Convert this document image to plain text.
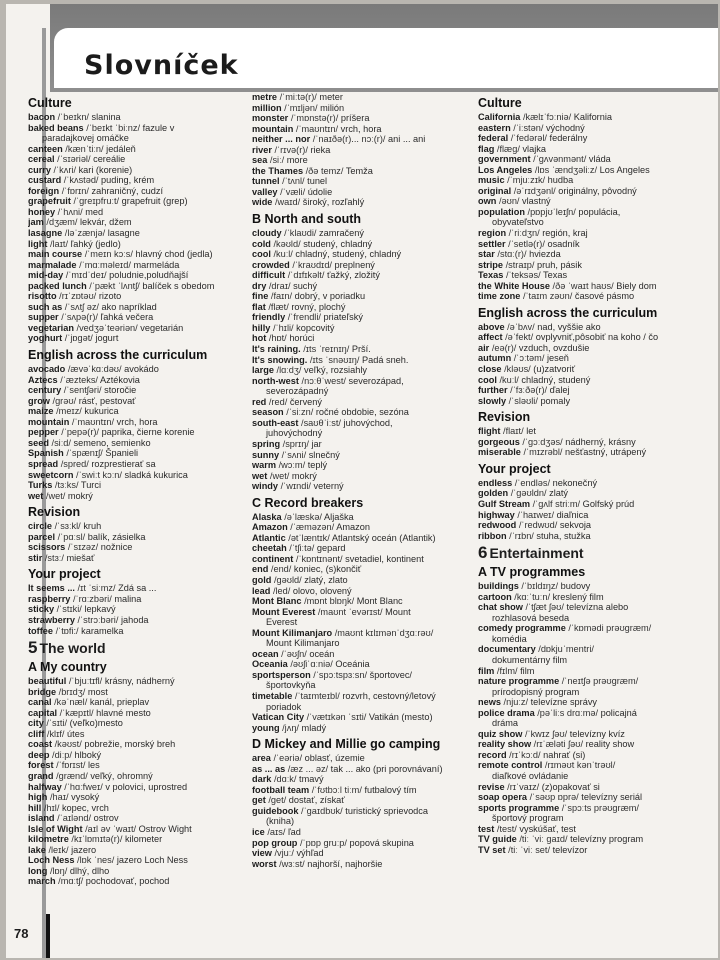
Slovníček
Culture
bacon /ˈbeɪkn/ slanina
baked beans /ˈbeɪkt ˈbiːnz/ fazule v
paradajkovej omáčke
canteen /kænˈtiːn/ jedáleň
cereal /ˈsɪəriəl/ cereálie
curry /ˈkʌri/ kari (korenie)
custard /ˈkʌstəd/ puding, krém
foreign /ˈfɒrɪn/ zahraničný, cudzí
grapefruit /ˈɡreɪpfruːt/ grapefruit (grep)
honey /ˈhʌni/ med
jam /dʒæm/ lekvár, džem
lasagne /ləˈzænjə/ lasagne
light /laɪt/ ľahký (jedlo)
main course /ˈmeɪn kɔːs/ hlavný chod (jedla)
marmalade /ˈmɑːməleɪd/ marmeláda
mid-day /ˈmɪdˈdeɪ/ poludnie,poludňajší
packed lunch /ˈpækt ˈlʌntʃ/ balíček s obedom
risotto /rɪˈzɒtəʊ/ rizoto
such as /ˈsʌtʃ əz/ ako napríklad
supper /ˈsʌpə(r)/ ľahká večera
vegetarian /vedʒəˈteəriən/ vegetarián
yoghurt /ˈjɒɡət/ jogurt
English across the curriculum
avocado /ævəˈkɑːdəʊ/ avokádo
Aztecs /ˈæzteks/ Aztékovia
century /ˈsentʃəri/ storočie
grow /ɡrəʊ/ rásť, pestovať
maize /meɪz/ kukurica
mountain /ˈmaʊntɪn/ vrch, hora
pepper /ˈpepə(r)/ paprika, čierne korenie
seed /siːd/ semeno, semienko
Spanish /ˈspænɪʃ/ Španieli
spread /spred/ rozprestierať sa
sweetcorn /ˈswiːt kɔːn/ sladká kukurica
Turks /tɜːks/ Turci
wet /wet/ mokrý
Revision
circle /ˈsɜːkl/ kruh
parcel /ˈpɑːsl/ balík, zásielka
scissors /ˈsɪzəz/ nožnice
stir /stɜː/ miešať
Your project
It seems ... /ɪt ˈsiːmz/ Zdá sa ...
raspberry /ˈrɑːzbəri/ malina
sticky /ˈstɪki/ lepkavý
strawberry /ˈstrɔːbəri/ jahoda
toffee /ˈtɒfi:/ karamelka
5 The world
A My country
beautiful /ˈbjuːtɪfl/ krásny, nádherný
bridge /brɪdʒ/ most
canal /kəˈnæl/ kanál, prieplav
capital /ˈkæpɪtl/ hlavné mesto
city /ˈsɪti/ (veľko)mesto
cliff /klɪf/ útes
coast /kəʊst/ pobrežie, morský breh
deep /diːp/ hlboký
forest /ˈfɒrɪst/ les
grand /ɡrænd/ veľký, ohromný
halfway /ˈhɑːfweɪ/ v polovici, uprostred
high /haɪ/ vysoký
hill /hɪl/ kopec, vrch
island /ˈaɪlənd/ ostrov
Isle of Wight /aɪl əv ˈwaɪt/ Ostrov Wight
kilometre /kɪˈlɒmɪtə(r)/ kilometer
lake /leɪk/ jazero
Loch Ness /lɒk ˈnes/ jazero Loch Ness
long /lɒŋ/ dlhý, dlho
march /mɑːtʃ/ pochodovať, pochod
metre /ˈmiːtə(r)/ meter
million /ˈmɪljən/ milión
monster /ˈmɒnstə(r)/ príšera
mountain /ˈmaʊntɪn/ vrch, hora
neither ... nor /ˈnaɪðə(r)... nɔː(r)/ ani ... ani
river /ˈrɪvə(r)/ rieka
sea /siː/ more
the Thames /ðə temz/ Temža
tunnel /ˈtʌnl/ tunel
valley /ˈvæli/ údolie
wide /waɪd/ široký, rozľahlý
B North and south
cloudy /ˈklaʊdi/ zamračený
cold /kəʊld/ studený, chladný
cool /kuːl/ chladný, studený, chladný
crowded /ˈkraʊdɪd/ preplnený
difficult /ˈdɪfɪkəlt/ ťažký, zložitý
dry /draɪ/ suchý
fine /faɪn/ dobrý, v poriadku
flat /flæt/ rovný, plochý
friendly /ˈfrendli/ priateľský
hilly /ˈhɪli/ kopcovitý
hot /hɒt/ horúci
It's raining. /ɪts ˈreɪnɪŋ/ Prší.
It's snowing. /ɪts ˈsnəʊɪŋ/ Padá sneh.
large /lɑːdʒ/ veľký, rozsiahly
north-west /nɔːθˈwest/ severozápad,
severozápadný
red /red/ červený
season /ˈsiːzn/ ročné obdobie, sezóna
south-east /saʊθˈiːst/ juhovýchod,
juhovýchodný
spring /sprɪŋ/ jar
sunny /ˈsʌni/ slnečný
warm /wɔːm/ teplý
wet /wet/ mokrý
windy /ˈwɪndi/ veterný
C Record breakers
Alaska /əˈlæskə/ Aljaška
Amazon /ˈæməzən/ Amazon
Atlantic /ətˈlæntɪk/ Atlantský oceán (Atlantik)
cheetah /ˈtʃiːtə/ gepard
continent /ˈkɒntɪnənt/ svetadiel, kontinent
end /end/ koniec, (s)končiť
gold /ɡəʊld/ zlatý, zlato
lead /led/ olovo, olovený
Mont Blanc /mɒnt blɒŋk/ Mont Blanc
Mount Everest /maʊnt ˈevərɪst/ Mount
Everest
Mount Kilimanjaro /maʊnt kɪlɪmənˈdʒɑːrəʊ/
Mount Kilimanjaro
ocean /ˈəʊʃn/ oceán
Oceania /əʊʃiˈɑːniə/ Oceánia
sportsperson /ˈspɔːtspɜːsn/ športovec/
športovkyňa
timetable /ˈtaɪmteɪbl/ rozvrh, cestovný/letový
poriadok
Vatican City /ˈvætɪkən ˈsɪti/ Vatikán (mesto)
young /jʌŋ/ mladý
D Mickey and Millie go camping
area /ˈeəriə/ oblasť, územie
as ... as /æz ... əz/ tak ... ako (pri porovnávaní)
dark /dɑːk/ tmavý
football team /ˈfʊtbɔːl tiːm/ futbalový tím
get /ɡet/ dostať, získať
guidebook /ˈɡaɪdbʊk/ turistický sprievodca
(kniha)
ice /aɪs/ ľad
pop group /ˈpɒp ɡruːp/ popová skupina
view /vjuː/ výhľad
worst /wɜːst/ najhorší, najhoršie
Culture
California /kælɪˈfɔːniə/ Kalifornia
eastern /ˈiːstən/ východný
federal /ˈfedərəl/ federálny
flag /flæɡ/ vlajka
government /ˈɡʌvənmənt/ vláda
Los Angeles /lɒs ˈændʒəliːz/ Los Angeles
music /ˈmjuːzɪk/ hudba
original /əˈrɪdʒənl/ originálny, pôvodný
own /əʊn/ vlastný
population /pɒpjʊˈleɪʃn/ populácia,
obyvateľstvo
region /ˈriːdʒn/ región, kraj
settler /ˈsetlə(r)/ osadník
star /stɑː(r)/ hviezda
stripe /straɪp/ pruh, pásik
Texas /ˈteksəs/ Texas
the White House /ðə ˈwaɪt haʊs/ Biely dom
time zone /ˈtaɪm zəʊn/ časové pásmo
English across the curriculum
above /əˈbʌv/ nad, vyššie ako
affect /əˈfekt/ ovplyvniť,pôsobiť na koho / čo
air /eə(r)/ vzduch, ovzdušie
autumn /ˈɔːtəm/ jeseň
close /kləʊs/ (u)zatvoriť
cool /kuːl/ chladný, studený
further /ˈfɜːðə(r)/ ďalej
slowly /ˈsləʊli/ pomaly
Revision
flight /flaɪt/ let
gorgeous /ˈɡɔːdʒəs/ nádherný, krásny
miserable /ˈmɪzrəbl/ nešťastný, utrápený
Your project
endless /ˈendləs/ nekonečný
golden /ˈɡəʊldn/ zlatý
Gulf Stream /ˈɡʌlf striːm/ Golfský prúd
highway /ˈhaɪweɪ/ diaľnica
redwood /ˈredwʊd/ sekvoja
ribbon /ˈrɪbn/ stuha, stužka
6 Entertainment
A TV programmes
buildings /ˈbɪldɪŋz/ budovy
cartoon /kɑːˈtuːn/ kreslený film
chat show /ˈtʃæt ʃəʊ/ televízna alebo
rozhlasová beseda
comedy programme /ˈkɒmədi prəʊɡræm/
komédia
documentary /dɒkjuˈmentri/
dokumentárny film
film /fɪlm/ film
nature programme /ˈneɪtʃə prəʊɡræm/
prírodopisný program
news /njuːz/ televízne správy
police drama /pəˈliːs drɑːmə/ policajná
dráma
quiz show /ˈkwɪz ʃəʊ/ televízny kvíz
reality show /rɪˈæləti ʃəʊ/ reality show
record /rɪˈkɔːd/ nahrať (si)
remote control /rɪməʊt kənˈtrəʊl/
diaľkové ovládanie
revise /rɪˈvaɪz/ (z)opakovať si
soap opera /ˈsəʊp ɒprə/ televízny seriál
sports programme /ˈspɔːts prəʊɡræm/
športový program
test /test/ vyskúšať, test
TV guide /tiː ˈviː ɡaɪd/ televízny program
TV set /tiː ˈviː set/ televízor
78
